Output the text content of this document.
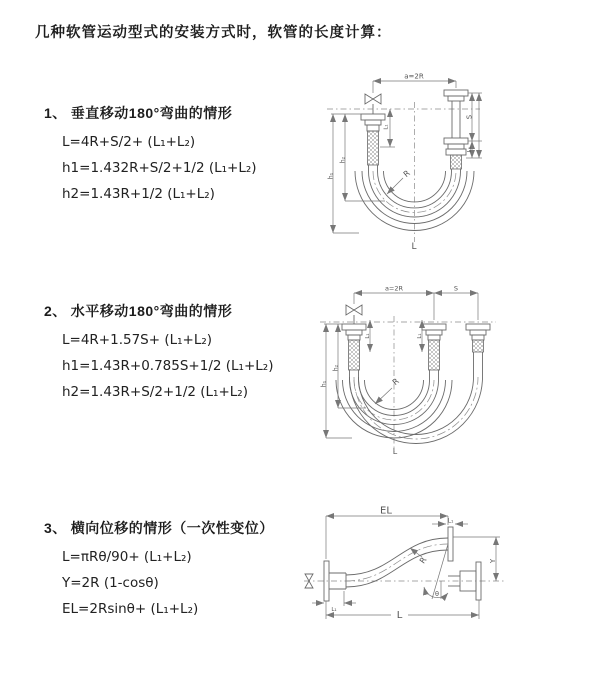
几种软管运动型式的安装方式时，软管的长度计算：
1、 垂直移动180°弯曲的情形
L=4R+S/2+ (L₁+L₂)
h1=1.432R+S/2+1/2 (L₁+L₂)
h2=1.43R+1/2 (L₁+L₂)
2、 水平移动180°弯曲的情形
L=4R+1.57S+ (L₁+L₂)
h1=1.43R+0.785S+1/2 (L₁+L₂)
h2=1.43R+S/2+1/2 (L₁+L₂)
3、 横向位移的情形（一次性变位）
L=πRθ/90+ (L₁+L₂)
Y=2R (1-cosθ)
EL=2Rsinθ+ (L₁+L₂)
a=2R
S
L₁
L₁
h₂
h₁	R
L
a=2R	S
L₁	L₁
h₂
h₁	R
L
EL
L₁
Y
θ
R
L
L₁
